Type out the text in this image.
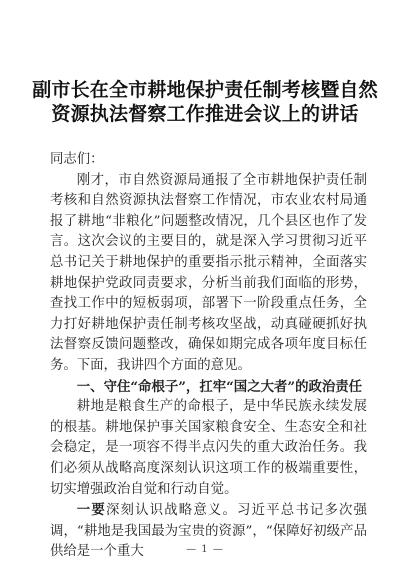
副市长在全市耕地保护责任制考核暨自然
资源执法督察工作推进会议上的讲话

同志们：

刚才，市自然资源局通报了全市耕地保护责任制考核和自然资源执法督察工作情况，市农业农村局通报了耕地“非粮化”问题整改情况，几个县区也作了发言。这次会议的主要目的，就是深入学习贯彻习近平总书记关于耕地保护的重要指示批示精神，全面落实耕地保护党政同责要求，分析当前我们面临的形势，查找工作中的短板弱项，部署下一阶段重点任务，全力打好耕地保护责任制考核攻坚战，动真碰硬抓好执法督察反馈问题整改，确保如期完成各项年度目标任务。下面，我讲四个方面的意见。

一、守住“命根子”，扛牢“国之大者”的政治责任

耕地是粮食生产的命根子，是中华民族永续发展的根基。耕地保护事关国家粮食安全、生态安全和社会稳定，是一项容不得半点闪失的重大政治任务。我们必须从战略高度深刻认识这项工作的极端重要性，切实增强政治自觉和行动自觉。

一要深刻认识战略意义。习近平总书记多次强调，“耕地是我国最为宝贵的资源”，“保障好初级产品供给是一个重大	— 1 —
